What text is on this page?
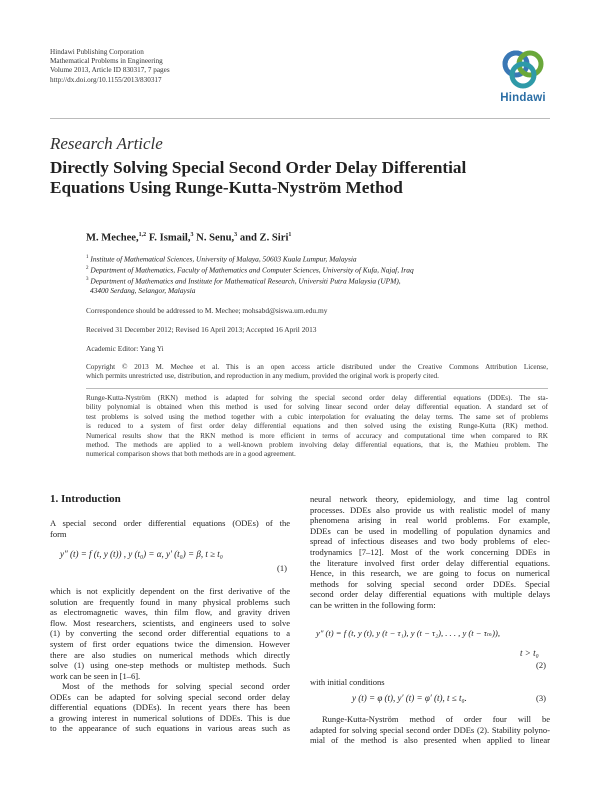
Hindawi Publishing Corporation
Mathematical Problems in Engineering
Volume 2013, Article ID 830317, 7 pages
http://dx.doi.org/10.1155/2013/830317
Hindawi
Research Article
Directly Solving Special Second Order Delay Differential
Equations Using Runge-Kutta-Nyström Method
M. Mechee,$^{1,2}$ F. Ismail,$^3$ N. Senu,$^3$ and Z. Siri$^1$
$^1$ Institute of Mathematical Sciences, University of Malaya, 50603 Kuala Lumpur, Malaysia
$^2$ Department of Mathematics, Faculty of Mathematics and Computer Sciences, University of Kufa, Najaf, Iraq
$^3$ Department of Mathematics and Institute for Mathematical Research, Universiti Putra Malaysia (UPM),
43400 Serdang, Selangor, Malaysia
Correspondence should be addressed to M. Mechee; mohsabd@siswa.um.edu.my
Received 31 December 2012; Revised 16 April 2013; Accepted 16 April 2013
Academic Editor: Yang Yi
Copyright © 2013 M. Mechee et al. This is an open access article distributed under the Creative Commons Attribution License,
which permits unrestricted use, distribution, and reproduction in any medium, provided the original work is properly cited.
Runge-Kutta-Nyström (RKN) method is adapted for solving the special second order delay differential equations (DDEs). The sta-
bility polynomial is obtained when this method is used for solving linear second order delay differential equation. A standard set of
test problems is solved using the method together with a cubic interpolation for evaluating the delay terms. The same set of problems
is reduced to a system of first order delay differential equations and then solved using the existing Runge-Kutta (RK) method.
Numerical results show that the RKN method is more efficient in terms of accuracy and computational time when compared to RK
method. The methods are applied to a well-known problem involving delay differential equations, that is, the Mathieu problem. The
numerical comparison shows that both methods are in a good agreement.
1. Introduction
A special second order differential equations (ODEs) of the
form
y″ (t) = f (t, y (t)) , y (t₀) = α, y′ (t₀) = β, t ≥ t₀
(1)
which is not explicitly dependent on the first derivative of the
solution are frequently found in many physical problems such
as electromagnetic waves, thin film flow, and gravity driven
flow. Most researchers, scientists, and engineers used to solve
(1) by converting the second order differential equations to a
system of first order equations twice the dimension. However
there are also studies on numerical methods which directly
solve (1) using one-step methods or multistep methods. Such
work can be seen in [1–6].
Most of the methods for solving special second order
ODEs can be adapted for solving special second order delay
differential equations (DDEs). In recent years there has been
a growing interest in numerical solutions of DDEs. This is due
to the appearance of such equations in various areas such as
neural network theory, epidemiology, and time lag control
processes. DDEs also provide us with realistic model of many
phenomena arising in real world problems. For example,
DDEs can be used in modelling of population dynamics and
spread of infectious diseases and two body problems of elec-
trodynamics [7–12]. Most of the work concerning DDEs in
the literature involved first order delay differential equations.
Hence, in this research, we are going to focus on numerical
methods for solving special second order DDEs. Special
second order delay differential equations with multiple delays
can be written in the following form:
y″ (t) = f (t, y (t), y (t − τ₁), y (t − τ₂), . . . , y (t − τₘ)),
t > t₀
(2)
with initial conditions
y (t) = φ (t), y′ (t) = φ′ (t), t ≤ t₀.	(3)
Runge-Kutta-Nyström method of order four will be
adapted for solving special second order DDEs (2). Stability polyno-
mial of the method is also presented when applied to linear
